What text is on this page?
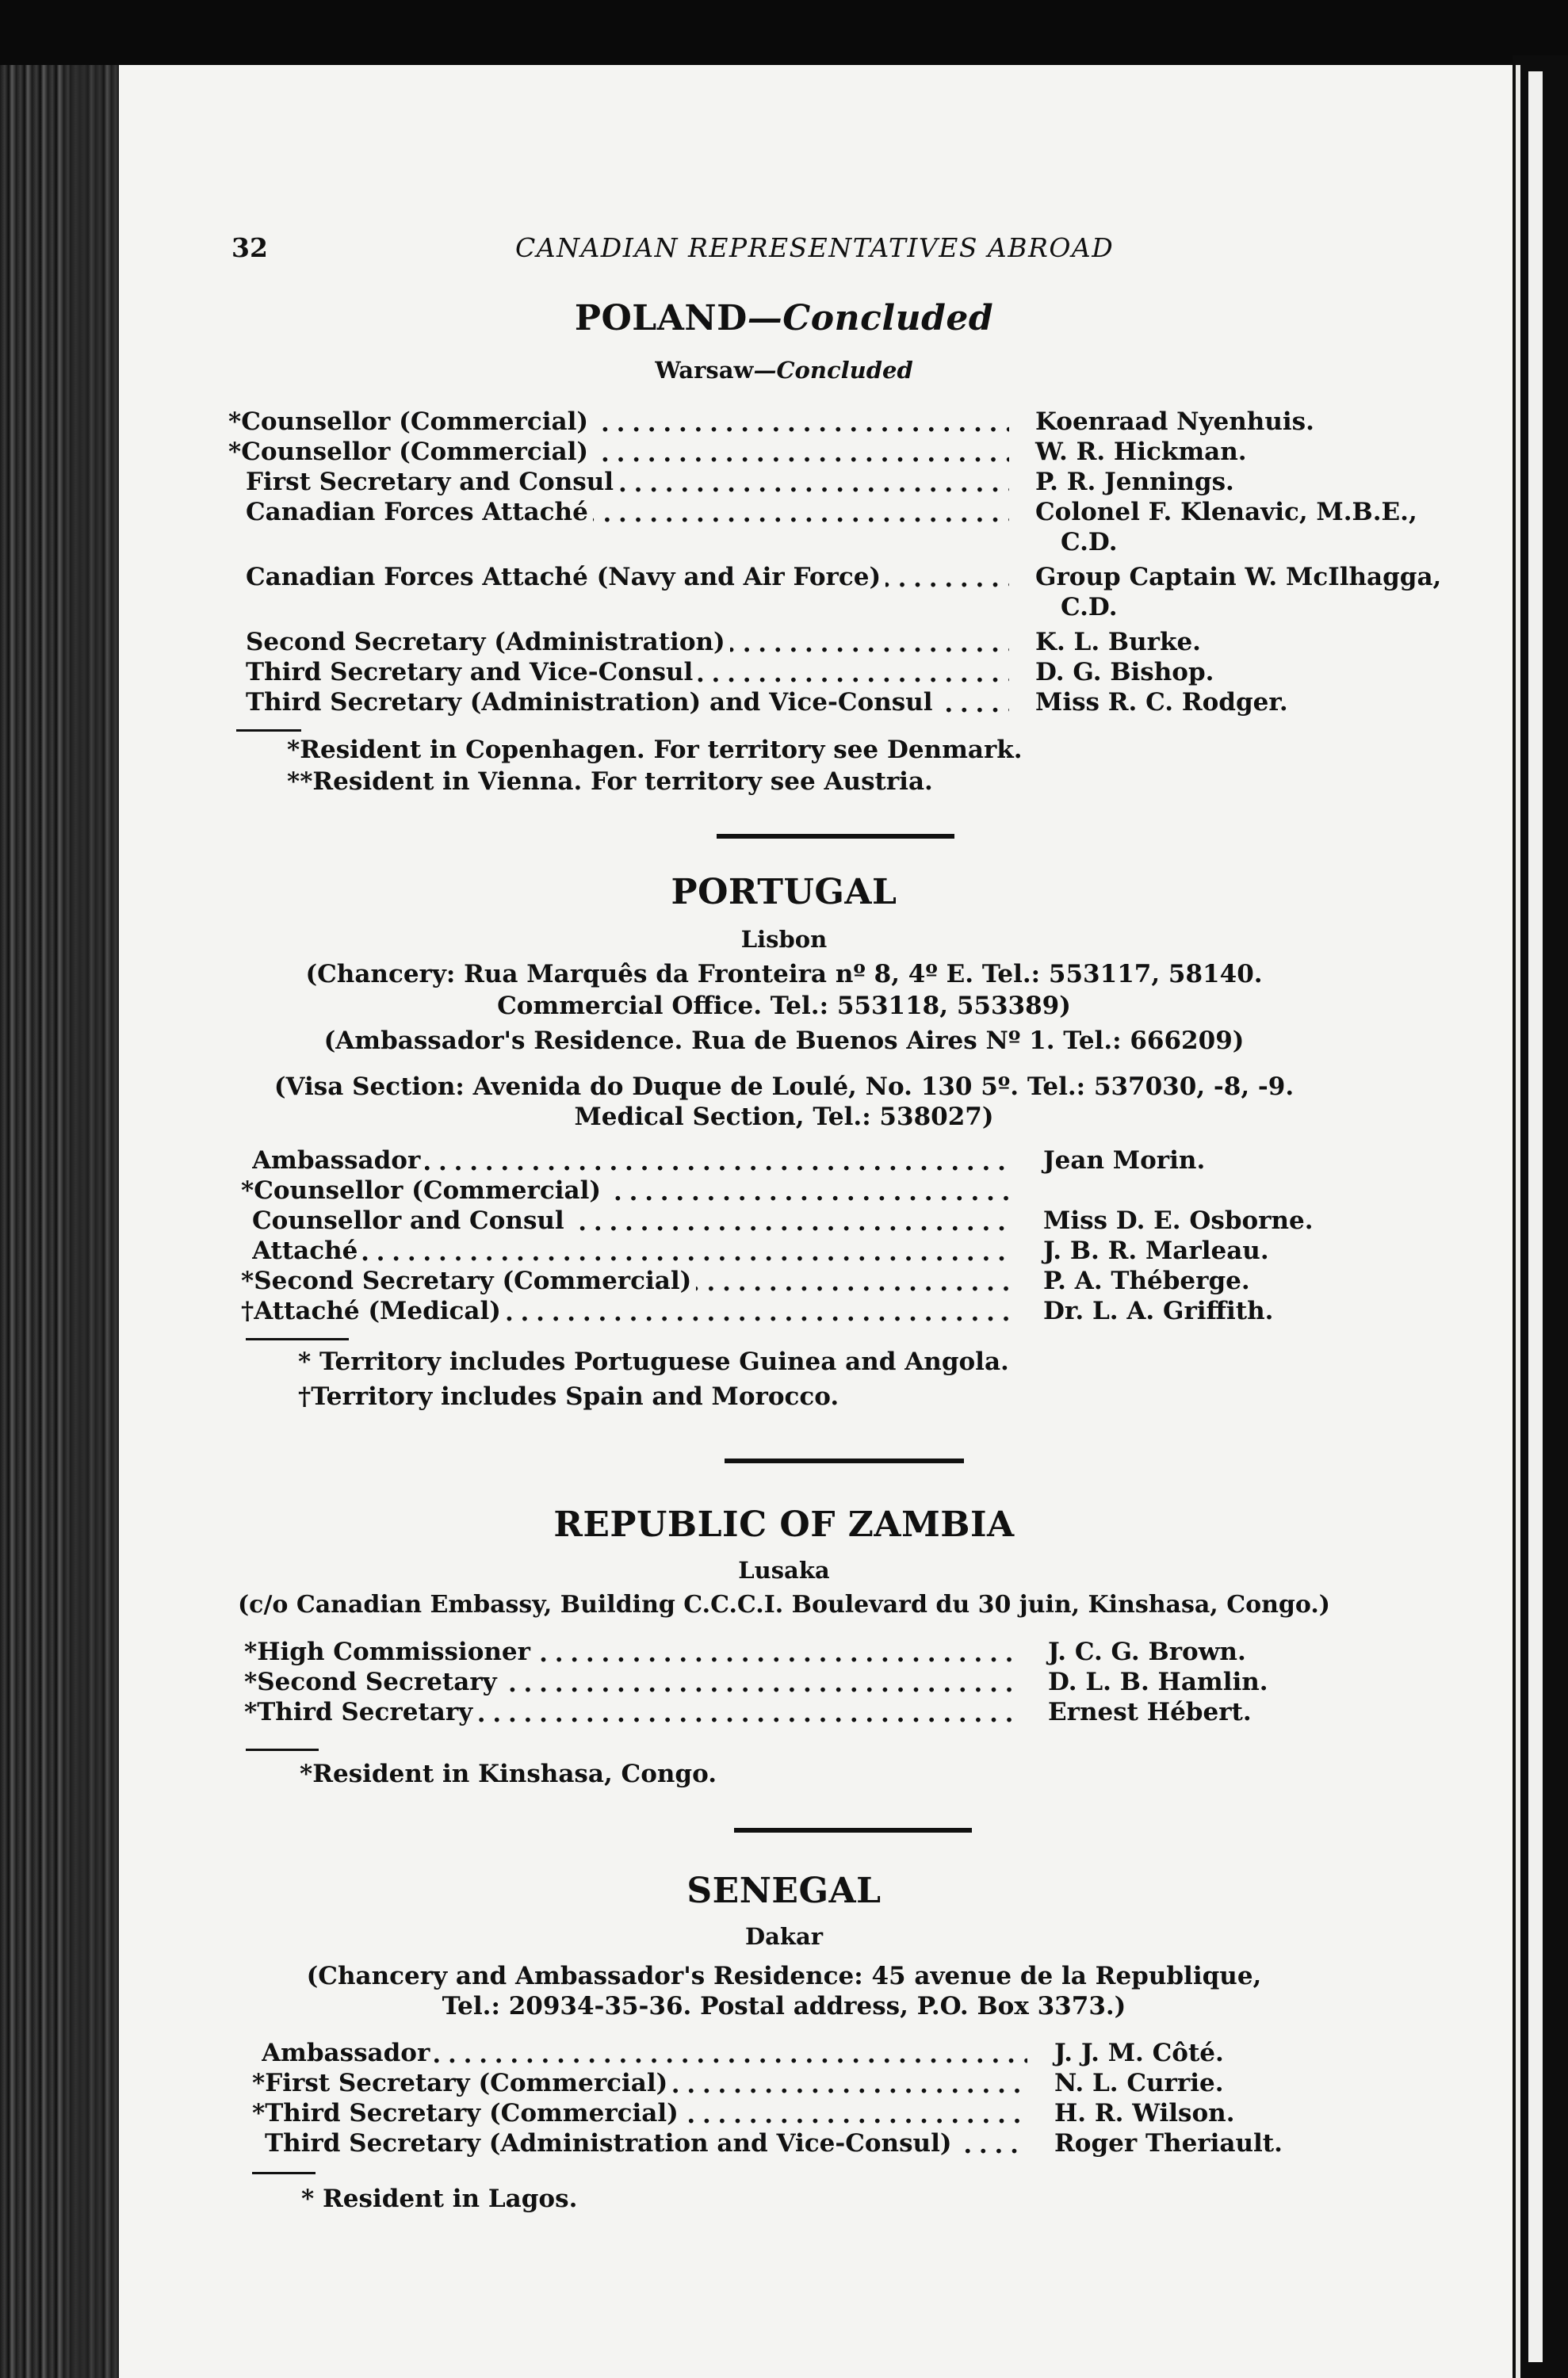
32	CANADIAN REPRESENTATIVES ABROAD
POLAND—Concluded
Warsaw—Concluded
*Counsellor (Commercial) . . .	Koenraad Nyenhuis.
*Counsellor (Commercial) . . .	W. R. Hickman.
First Secretary and Consul . . .	P. R. Jennings.
Canadian Forces Attaché . . .	Colonel F. Klenavic, M.B.E.,
C.D.
Canadian Forces Attaché (Navy and Air Force) . . .	Group Captain W. McIlhagga,
C.D.
Second Secretary (Administration) . . .	K. L. Burke.
Third Secretary and Vice-Consul . . .	D. G. Bishop.
Third Secretary (Administration) and Vice-Consul . . .	Miss R. C. Rodger.
*Resident in Copenhagen. For territory see Denmark.
**Resident in Vienna. For territory see Austria.
PORTUGAL
Lisbon
(Chancery: Rua Marquês da Fronteira nº 8, 4º E. Tel.: 553117, 58140.
Commercial Office. Tel.: 553118, 553389)
(Ambassador's Residence. Rua de Buenos Aires Nº 1. Tel.: 666209)
(Visa Section: Avenida do Duque de Loulé, No. 130 5º. Tel.: 537030, -8, -9.
Medical Section, Tel.: 538027)
Ambassador . . .	Jean Morin.
*Counsellor (Commercial) . . .
Counsellor and Consul . . .	Miss D. E. Osborne.
Attaché . . .	J. B. R. Marleau.
*Second Secretary (Commercial) . . .	P. A. Théberge.
†Attaché (Medical) . . .	Dr. L. A. Griffith.
* Territory includes Portuguese Guinea and Angola.
†Territory includes Spain and Morocco.
REPUBLIC OF ZAMBIA
Lusaka
(c/o Canadian Embassy, Building C.C.C.I. Boulevard du 30 juin, Kinshasa, Congo.)
*High Commissioner . . .	J. C. G. Brown.
*Second Secretary . . .	D. L. B. Hamlin.
*Third Secretary . . .	Ernest Hébert.
*Resident in Kinshasa, Congo.
SENEGAL
Dakar
(Chancery and Ambassador's Residence: 45 avenue de la Republique,
Tel.: 20934-35-36. Postal address, P.O. Box 3373.)
Ambassador . . .	J. J. M. Côté.
*First Secretary (Commercial) . . .	N. L. Currie.
*Third Secretary (Commercial) . . .	H. R. Wilson.
Third Secretary (Administration and Vice-Consul) . . .	Roger Theriault.
* Resident in Lagos.
